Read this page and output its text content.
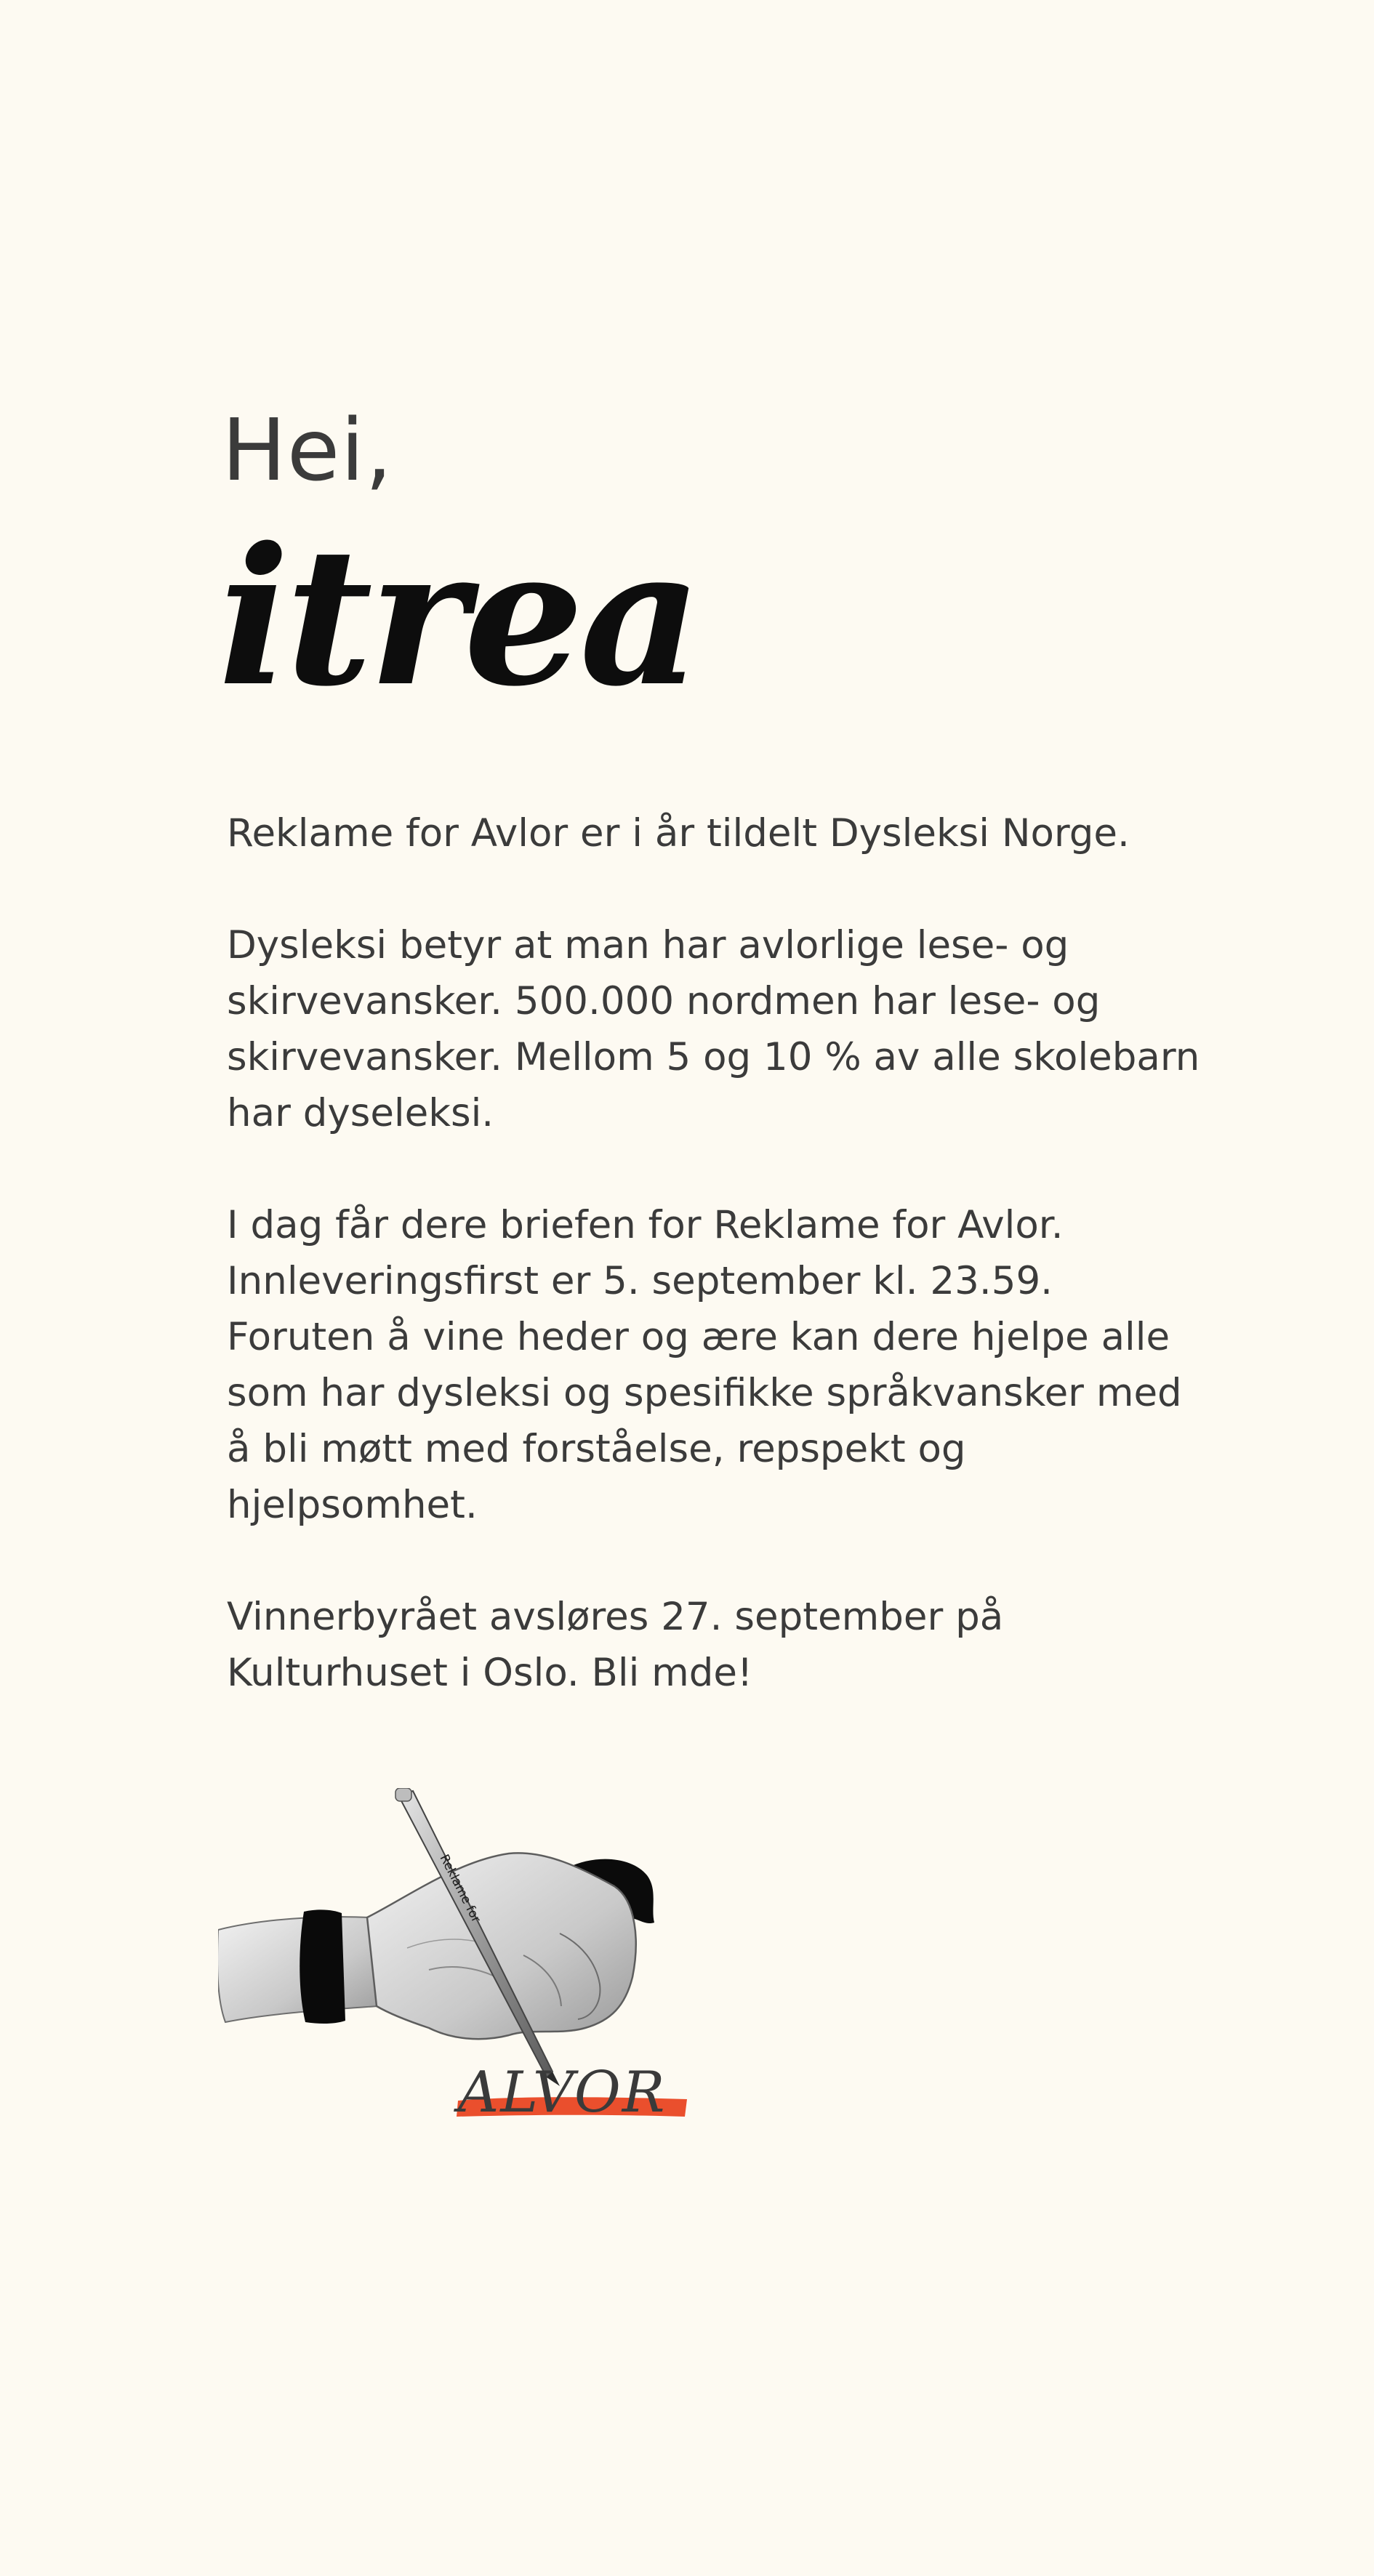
Hei,
itrea

Reklame for Avlor er i år tildelt Dysleksi Norge.

Dysleksi betyr at man har avlorlige lese- og skirvevansker. 500.000 nordmen har lese- og skirvevansker. Mellom 5 og 10 % av alle skolebarn har dyseleksi.

I dag får dere briefen for Reklame for Avlor. Innleveringsfirst er 5. september kl. 23.59. Foruten å vine heder og ære kan dere hjelpe alle som har dysleksi og spesifikke språkvansker med å bli møtt med forståelse, repspekt og hjelpsomhet.

Vinnerbyrået avsløres 27. september på Kulturhuset i Oslo. Bli mde!

Reklame for
ALVOR
